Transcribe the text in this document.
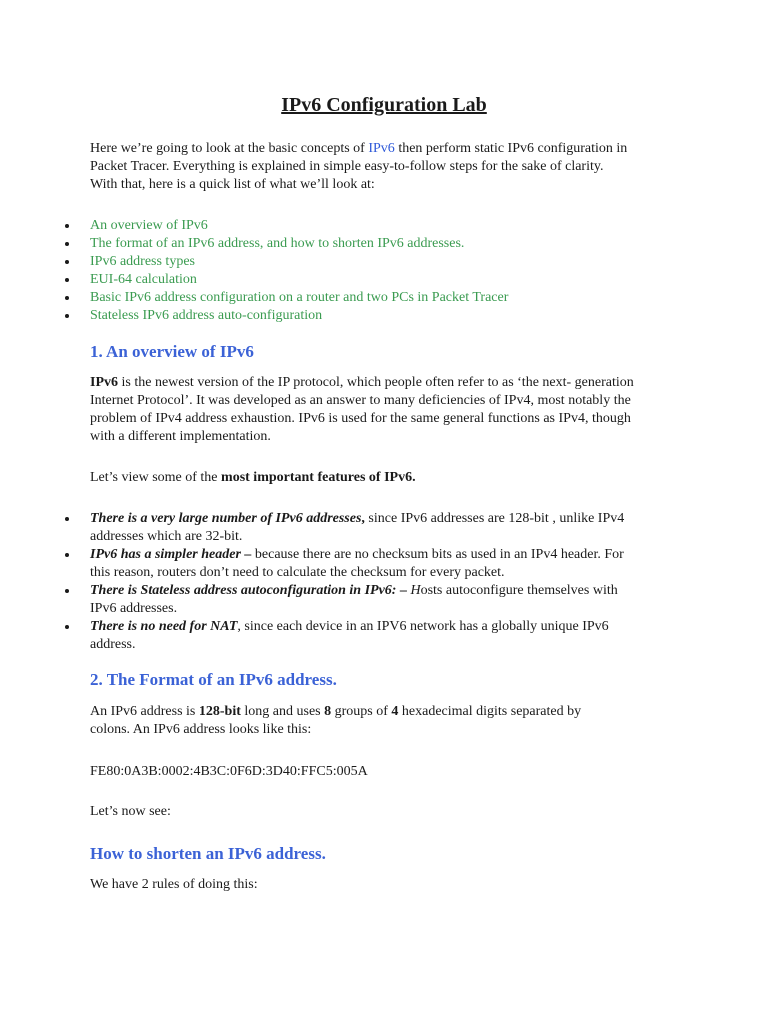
IPv6 Configuration Lab

Here we’re going to look at the basic concepts of IPv6 then perform static IPv6 configuration in

Packet Tracer. Everything is explained in simple easy-to-follow steps for the sake of clarity.

With that, here is a quick list of what we’ll look at:

An overview of IPv6
The format of an IPv6 address, and how to shorten IPv6 addresses.
IPv6 address types
EUI-64 calculation
Basic IPv6 address configuration on a router and two PCs in Packet Tracer
Stateless IPv6 address auto-configuration
1. An overview of IPv6

IPv6 is the newest version of the IP protocol, which people often refer to as ‘the next- generation

Internet Protocol’. It was developed as an answer to many deficiencies of IPv4, most notably the

problem of IPv4 address exhaustion. IPv6 is used for the same general functions as IPv4, though

with a different implementation.

Let’s view some of the most important features of IPv6.

There is a very large number of IPv6 addresses, since IPv6 addresses are 128-bit , unlike IPv4
addresses which are 32-bit.
IPv6 has a simpler header – because there are no checksum bits as used in an IPv4 header. For
this reason, routers don’t need to calculate the checksum for every packet.
There is Stateless address autoconfiguration in IPv6: – Hosts autoconfigure themselves with
IPv6 addresses.
There is no need for NAT, since each device in an IPV6 network has a globally unique IPv6
address.
2. The Format of an IPv6 address.

An IPv6 address is 128-bit long and uses 8 groups of 4 hexadecimal digits separated by

colons. An IPv6 address looks like this:

FE80:0A3B:0002:4B3C:0F6D:3D40:FFC5:005A

Let’s now see:

How to shorten an IPv6 address.

We have 2 rules of doing this:
